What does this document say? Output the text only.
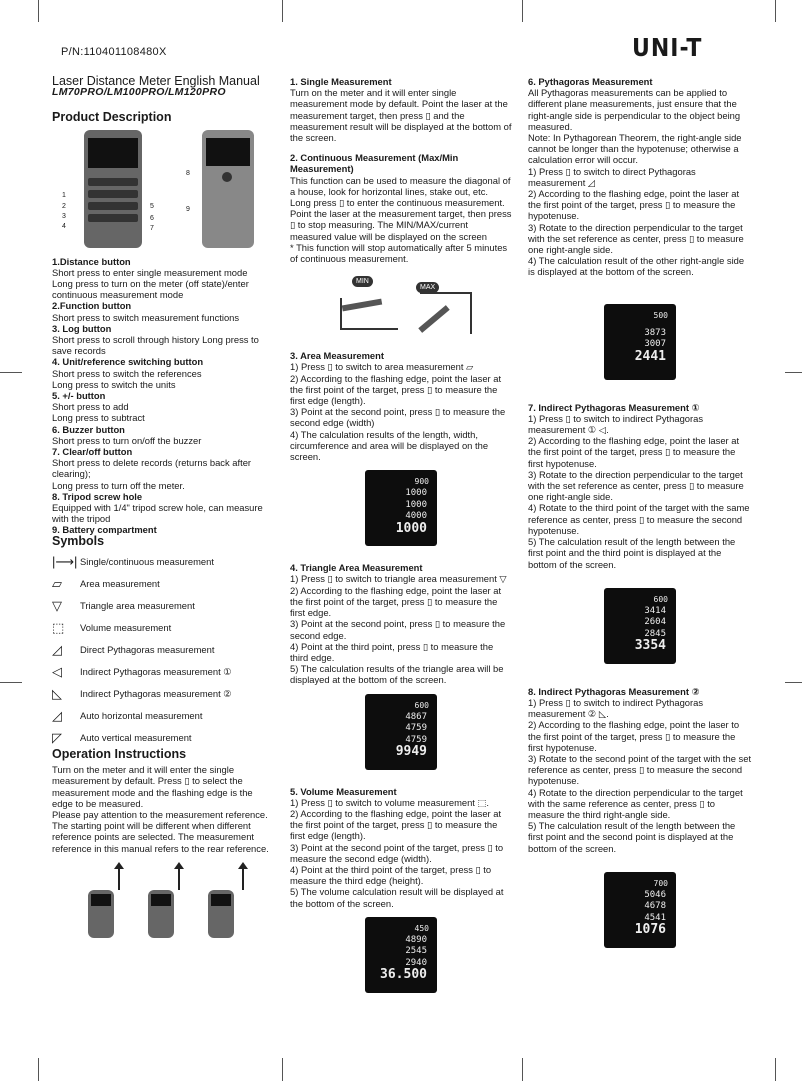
P/N:110401108480X	UNI-T

Laser Distance Meter English Manual

LM70PRO/LM100PRO/LM120PRO

Product Description

1
2
3
4
5
6
7
8
9

1.Distance button

Short press to enter single measurement mode
Long press to turn on the meter (off state)/enter continuous measurement mode

2.Function button

Short press to switch measurement functions

3. Log button

Short press to scroll through history Long press to save records

4. Unit/reference switching button

Short press to switch the references
Long press to switch the units

5. +/- button

Short press to add
Long press to subtract

6. Buzzer button

Short press to turn on/off the buzzer

7. Clear/off button

Short press to delete records (returns back after clearing);
Long press to turn off the meter.

8. Tripod screw hole

Equipped with 1/4" tripod screw hole, can measure with the tripod

9. Battery compartment

Symbols

|⟶| Single/continuous measurement
▱	Area measurement
▽	Triangle area measurement
⬚	Volume measurement
◿	Direct Pythagoras measurement
◁	Indirect Pythagoras measurement ①
◺	Indirect Pythagoras measurement ②
◿	Auto horizontal measurement
◸	Auto vertical measurement

Operation Instructions

Turn on the meter and it will enter the single measurement by default. Press ▯ to select the measurement mode and the flashing edge is the edge to be measured.
Please pay attention to the measurement reference. The starting point will be different when different reference points are selected. The measurement reference in this manual refers to the rear reference.

1. Single Measurement

Turn on the meter and it will enter single measurement mode by default. Point the laser at the measurement target, then press ▯ and the measurement result will be displayed at the bottom of the screen.

2. Continuous Measurement (Max/Min Measurement)

This function can be used to measure the diagonal of a house, look for horizontal lines, stake out, etc.
Long press ▯ to enter the continuous measurement. Point the laser at the measurement target, then press ▯ to stop measuring. The MIN/MAX/current measured value will be displayed on the screen
* This function will stop automatically after 5 minutes of continuous measurement.

MIN
MAX

3. Area Measurement

1) Press ▯ to switch to area measurement ▱
2) According to the flashing edge, point the laser at the first point of the target, press ▯ to measure the first edge (length).
3) Point at the second point, press ▯ to measure the second edge (width)
4) The calculation results of the length, width, circumference and area will be displayed on the screen.

900
1000
1000
4000
1000

4. Triangle Area Measurement

1) Press ▯ to switch to triangle area measurement ▽
2) According to the flashing edge, point the laser at the first point of the target, press ▯ to measure the first edge.
3) Point at the second point, press ▯ to measure the second edge.
4) Point at the third point, press ▯ to measure the third edge.
5) The calculation results of the triangle area will be displayed at the bottom of the screen.

600
4867
4759
4759
9949

5. Volume Measurement

1) Press ▯ to switch to volume measurement ⬚.
2) According to the flashing edge, point the laser at the first point of the target, press ▯ to measure the first edge (length).
3) Point at the second point of the target, press ▯ to measure the second edge (width).
4) Point at the third point of the target, press ▯ to measure the third edge (height).
5) The volume calculation result will be displayed at the bottom of the screen.

450
4890
2545
2940
36.500

6. Pythagoras Measurement

All Pythagoras measurements can be applied to different plane measurements, just ensure that the right-angle side is perpendicular to the object being measured.
Note: In Pythagorean Theorem, the right-angle side cannot be longer than the hypotenuse; otherwise a calculation error will occur.
1) Press ▯ to switch to direct Pythagoras measurement ◿
2) According to the flashing edge, point the laser at the first point of the target, press ▯ to measure the hypotenuse.
3) Rotate to the direction perpendicular to the target with the set reference as center, press ▯ to measure one right-angle side.
4) The calculation result of the other right-angle side is displayed at the bottom of the screen.

500
3873
3007
2441

7. Indirect Pythagoras Measurement ①

1) Press ▯ to switch to indirect Pythagoras measurement ① ◁.
2) According to the flashing edge, point the laser at the first point of the target, press ▯ to measure the first hypotenuse.
3) Rotate to the direction perpendicular to the target with the set reference as center, press ▯ to measure one right-angle side.
4) Rotate to the third point of the target with the same reference as center, press ▯ to measure the second hypotenuse.
5) The calculation result of the length between the first point and the third point is displayed at the bottom of the screen.

600
3414
2604
2845
3354

8. Indirect Pythagoras Measurement ②

1) Press ▯ to switch to indirect Pythagoras measurement ② ◺.
2) According to the flashing edge, point the laser to the first point of the target, press ▯ to measure the first hypotenuse.
3) Rotate to the second point of the target with the set reference as center, press ▯ to measure the second hypotenuse.
4) Rotate to the direction perpendicular to the target with the same reference as center, press ▯ to measure the third right-angle side.
5) The calculation result of the length between the first point and the second point is displayed at the bottom of the screen.

700
5046
4678
4541
1076
